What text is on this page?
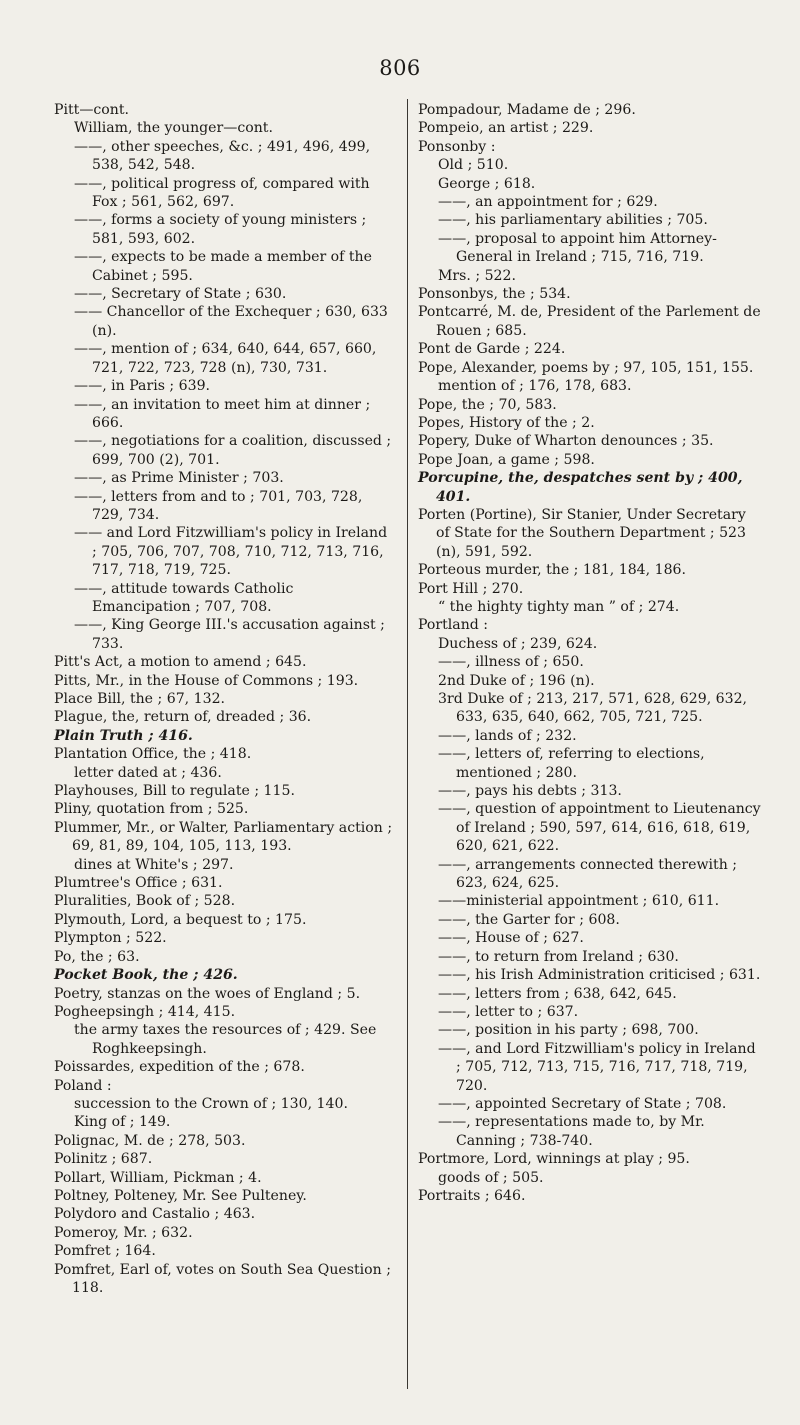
806

Pitt—cont.

William, the younger—cont.

——, other speeches, &c. ; 491, 496, 499, 538, 542, 548.

——, political progress of, compared with Fox ; 561, 562, 697.

——, forms a society of young ministers ; 581, 593, 602.

——, expects to be made a member of the Cabinet ; 595.

——, Secretary of State ; 630.

—— Chancellor of the Exchequer ; 630, 633 (n).

——, mention of ; 634, 640, 644, 657, 660, 721, 722, 723, 728 (n), 730, 731.

——, in Paris ; 639.

——, an invitation to meet him at dinner ; 666.

——, negotiations for a coalition, discussed ; 699, 700 (2), 701.

——, as Prime Minister ; 703.

——, letters from and to ; 701, 703, 728, 729, 734.

—— and Lord Fitzwilliam's policy in Ireland ; 705, 706, 707, 708, 710, 712, 713, 716, 717, 718, 719, 725.

——, attitude towards Catholic Emancipation ; 707, 708.

——, King George III.'s accusation against ; 733.

Pitt's Act, a motion to amend ; 645.

Pitts, Mr., in the House of Commons ; 193.

Place Bill, the ; 67, 132.

Plague, the, return of, dreaded ; 36.

Plain Truth ; 416.

Plantation Office, the ; 418.

letter dated at ; 436.

Playhouses, Bill to regulate ; 115.

Pliny, quotation from ; 525.

Plummer, Mr., or Walter, Parliamentary action ; 69, 81, 89, 104, 105, 113, 193.

dines at White's ; 297.

Plumtree's Office ; 631.

Pluralities, Book of ; 528.

Plymouth, Lord, a bequest to ; 175.

Plympton ; 522.

Po, the ; 63.

Pocket Book, the ; 426.

Poetry, stanzas on the woes of England ; 5.

Pogheepsingh ; 414, 415.

the army taxes the resources of ; 429. See Roghkeepsingh.

Poissardes, expedition of the ; 678.

Poland :

succession to the Crown of ; 130, 140.

King of ; 149.

Polignac, M. de ; 278, 503.

Polinitz ; 687.

Pollart, William, Pickman ; 4.

Poltney, Polteney, Mr. See Pulteney.

Polydoro and Castalio ; 463.

Pomeroy, Mr. ; 632.

Pomfret ; 164.

Pomfret, Earl of, votes on South Sea Question ; 118.

Pompadour, Madame de ; 296.

Pompeio, an artist ; 229.

Ponsonby :

Old ; 510.

George ; 618.

——, an appointment for ; 629.

——, his parliamentary abilities ; 705.

——, proposal to appoint him Attorney-General in Ireland ; 715, 716, 719.

Mrs. ; 522.

Ponsonbys, the ; 534.

Pontcarré, M. de, President of the Parlement de Rouen ; 685.

Pont de Garde ; 224.

Pope, Alexander, poems by ; 97, 105, 151, 155.

mention of ; 176, 178, 683.

Pope, the ; 70, 583.

Popes, History of the ; 2.

Popery, Duke of Wharton denounces ; 35.

Pope Joan, a game ; 598.

Porcupine, the, despatches sent by ; 400, 401.

Porten (Portine), Sir Stanier, Under Secretary of State for the Southern Department ; 523 (n), 591, 592.

Porteous murder, the ; 181, 184, 186.

Port Hill ; 270.

“ the highty tighty man ” of ; 274.

Portland :

Duchess of ; 239, 624.

——, illness of ; 650.

2nd Duke of ; 196 (n).

3rd Duke of ; 213, 217, 571, 628, 629, 632, 633, 635, 640, 662, 705, 721, 725.

——, lands of ; 232.

——, letters of, referring to elections, mentioned ; 280.

——, pays his debts ; 313.

——, question of appointment to Lieutenancy of Ireland ; 590, 597, 614, 616, 618, 619, 620, 621, 622.

——, arrangements connected therewith ; 623, 624, 625.

——ministerial appointment ; 610, 611.

——, the Garter for ; 608.

——, House of ; 627.

——, to return from Ireland ; 630.

——, his Irish Administration criticised ; 631.

——, letters from ; 638, 642, 645.

——, letter to ; 637.

——, position in his party ; 698, 700.

——, and Lord Fitzwilliam's policy in Ireland ; 705, 712, 713, 715, 716, 717, 718, 719, 720.

——, appointed Secretary of State ; 708.

——, representations made to, by Mr. Canning ; 738-740.

Portmore, Lord, winnings at play ; 95.

goods of ; 505.

Portraits ; 646.
